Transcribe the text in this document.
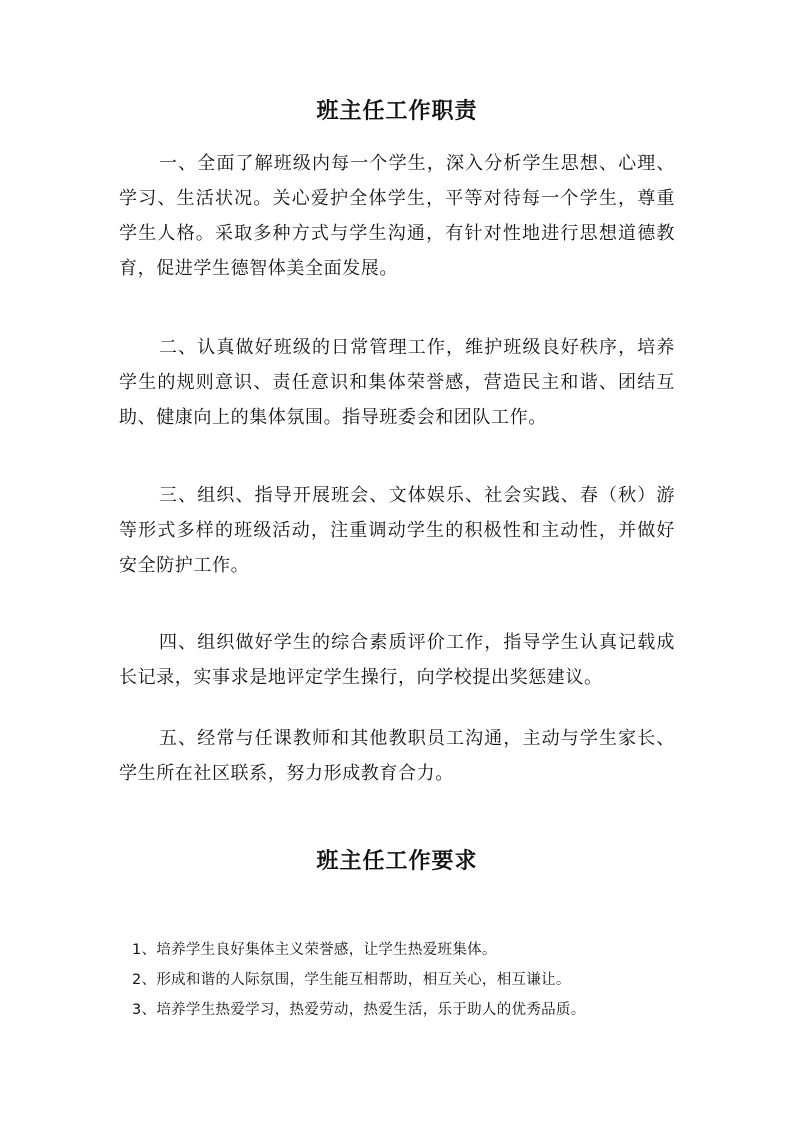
班主任工作职责

一、全面了解班级内每一个学生，深入分析学生思想、心理、学习、生活状况。关心爱护全体学生，平等对待每一个学生，尊重学生人格。采取多种方式与学生沟通，有针对性地进行思想道德教育，促进学生德智体美全面发展。

二、认真做好班级的日常管理工作，维护班级良好秩序，培养学生的规则意识、责任意识和集体荣誉感，营造民主和谐、团结互助、健康向上的集体氛围。指导班委会和团队工作。

三、组织、指导开展班会、文体娱乐、社会实践、春（秋）游等形式多样的班级活动，注重调动学生的积极性和主动性，并做好安全防护工作。

四、组织做好学生的综合素质评价工作，指导学生认真记载成长记录，实事求是地评定学生操行，向学校提出奖惩建议。

五、经常与任课教师和其他教职员工沟通，主动与学生家长、学生所在社区联系，努力形成教育合力。

班主任工作要求
1、培养学生良好集体主义荣誉感，让学生热爱班集体。
2、形成和谐的人际氛围，学生能互相帮助，相互关心，相互谦让。
3、培养学生热爱学习，热爱劳动，热爱生活，乐于助人的优秀品质。
